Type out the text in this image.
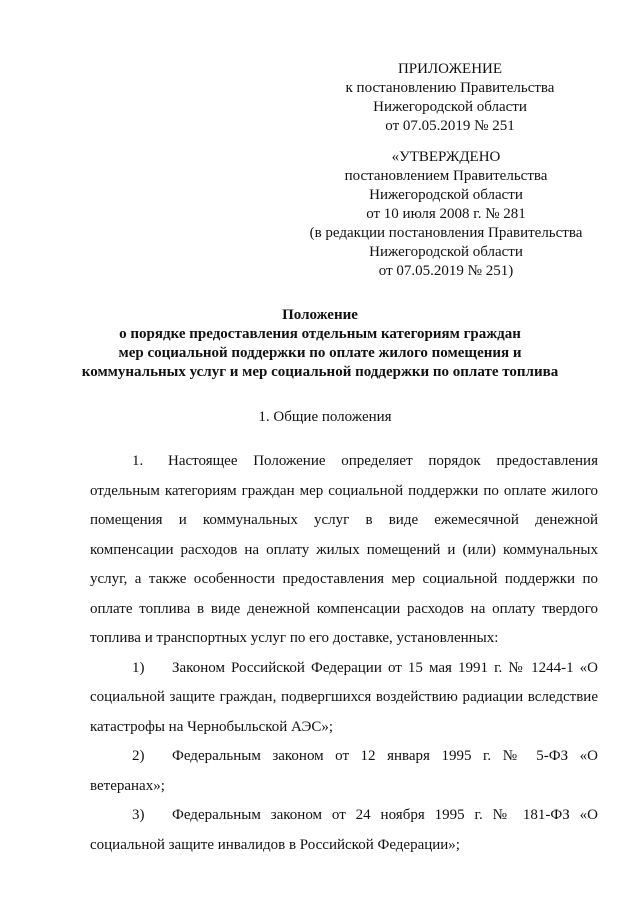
ПРИЛОЖЕНИЕ
к постановлению Правительства
Нижегородской области
от 07.05.2019 № 251
«УТВЕРЖДЕНО
постановлением Правительства
Нижегородской области
от 10 июля 2008 г. № 281
(в редакции постановления Правительства
Нижегородской области
от 07.05.2019 № 251)
Положение
о порядке предоставления отдельным категориям граждан
мер социальной поддержки по оплате жилого помещения и
коммунальных услуг и мер социальной поддержки по оплате топлива
1. Общие положения

1. Настоящее Положение определяет порядок предоставления отдельным категориям граждан мер социальной поддержки по оплате жилого помещения и коммунальных услуг в виде ежемесячной денежной компенсации расходов на оплату жилых помещений и (или) коммунальных услуг, а также особенности предоставления мер социальной поддержки по оплате топлива в виде денежной компенсации расходов на оплату твердого топлива и транспортных услуг по его доставке, установленных:

1) Законом Российской Федерации от 15 мая 1991 г. № 1244-1 «О социальной защите граждан, подвергшихся воздействию радиации вследствие катастрофы на Чернобыльской АЭС»;

2) Федеральным законом от 12 января 1995 г. № 5-ФЗ «О ветеранах»;

3) Федеральным законом от 24 ноября 1995 г. № 181-ФЗ «О социальной защите инвалидов в Российской Федерации»;
